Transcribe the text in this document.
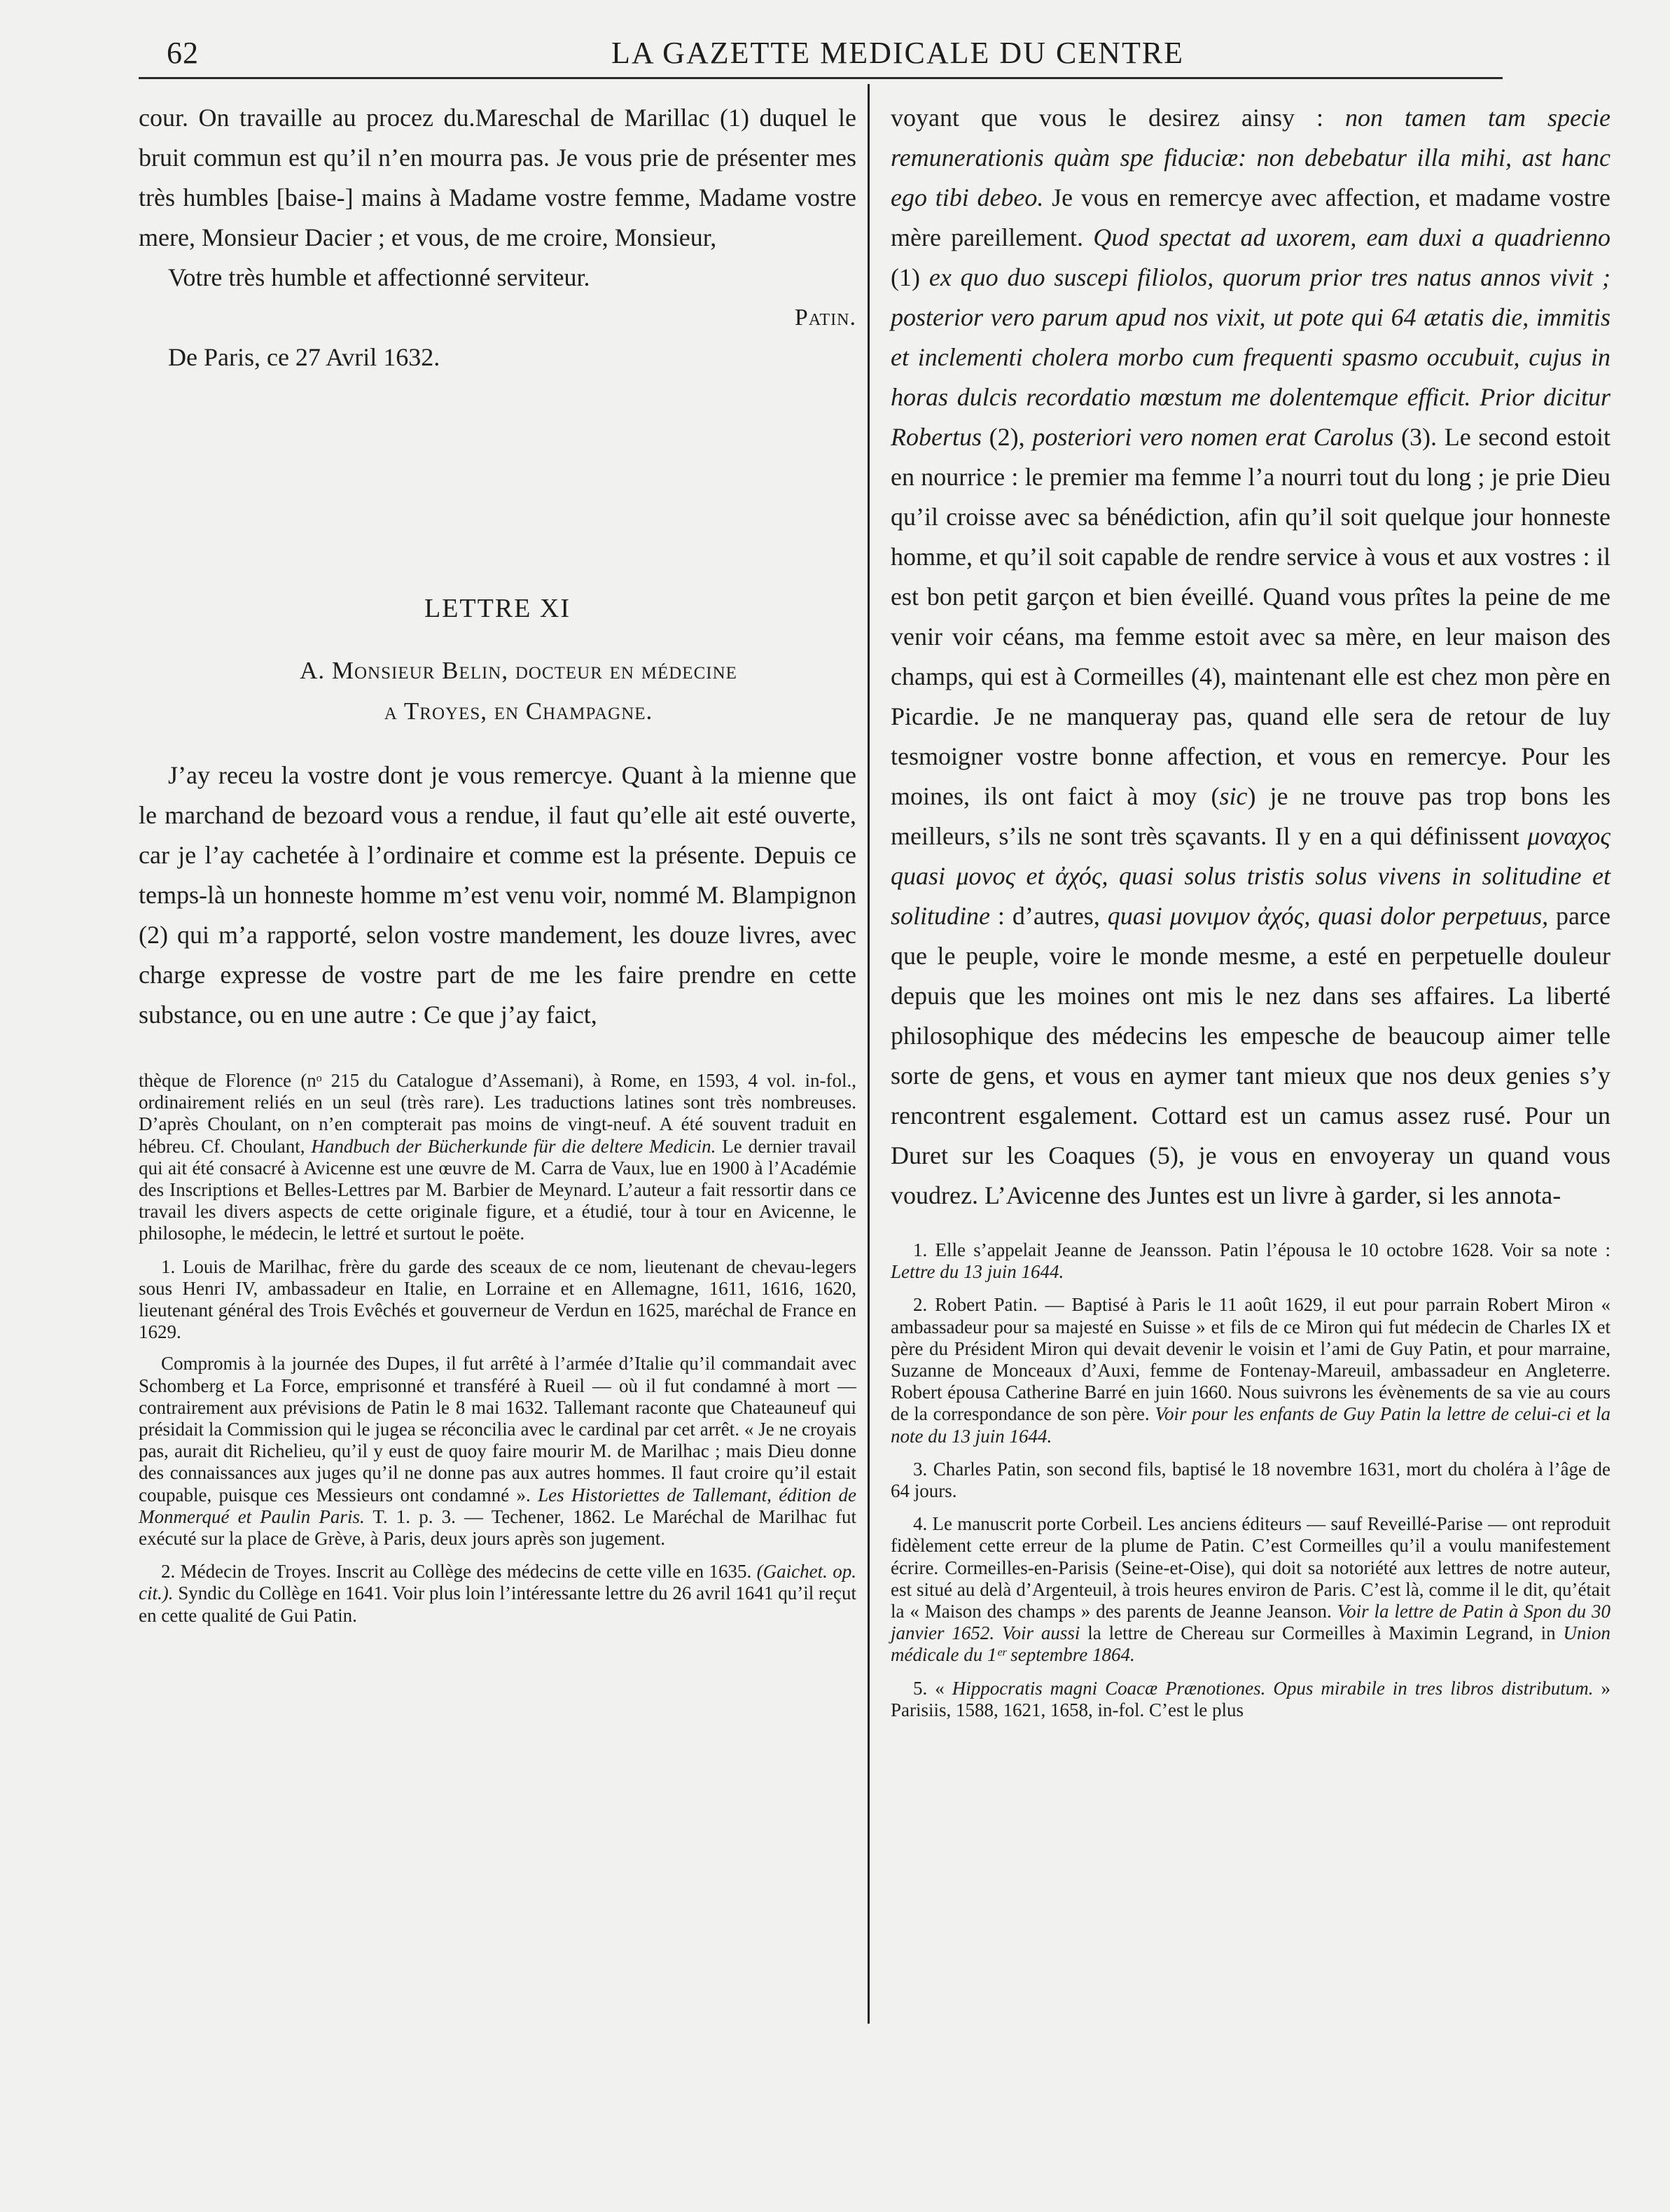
62	LA GAZETTE MEDICALE DU CENTRE

cour. On travaille au procez du.Mareschal de Marillac (1) duquel le bruit commun est qu’il n’en mourra pas. Je vous prie de présenter mes très humbles [baise-] mains à Madame vostre femme, Madame vostre mere, Monsieur Dacier ; et vous, de me croire, Monsieur,

Votre très humble et affectionné serviteur.

Patin.

De Paris, ce 27 Avril 1632.

LETTRE XI
A. Monsieur Belin, docteur en médecine
a Troyes, en Champagne.

J’ay receu la vostre dont je vous remercye. Quant à la mienne que le marchand de bezoard vous a rendue, il faut qu’elle ait esté ouverte, car je l’ay cachetée à l’ordinaire et comme est la présente. Depuis ce temps-là un honneste homme m’est venu voir, nommé M. Blampignon (2) qui m’a rapporté, selon vostre mandement, les douze livres, avec charge expresse de vostre part de me les faire prendre en cette substance, ou en une autre : Ce que j’ay faict,

thèque de Florence (nᵒ 215 du Catalogue d’Assemani), à Rome, en 1593, 4 vol. in-fol., ordinairement reliés en un seul (très rare). Les traductions latines sont très nombreuses. D’après Choulant, on n’en compterait pas moins de vingt-neuf. A été souvent traduit en hébreu. Cf. Choulant, Handbuch der Bücherkunde für die deltere Medicin. Le dernier travail qui ait été consacré à Avicenne est une œuvre de M. Carra de Vaux, lue en 1900 à l’Académie des Inscriptions et Belles-Lettres par M. Barbier de Meynard. L’auteur a fait ressortir dans ce travail les divers aspects de cette originale figure, et a étudié, tour à tour en Avicenne, le philosophe, le médecin, le lettré et surtout le poëte.

1. Louis de Marilhac, frère du garde des sceaux de ce nom, lieutenant de chevau-legers sous Henri IV, ambassadeur en Italie, en Lorraine et en Allemagne, 1611, 1616, 1620, lieutenant général des Trois Evêchés et gouverneur de Verdun en 1625, maréchal de France en 1629.

Compromis à la journée des Dupes, il fut arrêté à l’armée d’Italie qu’il commandait avec Schomberg et La Force, emprisonné et transféré à Rueil — où il fut condamné à mort — contrairement aux prévisions de Patin le 8 mai 1632. Tallemant raconte que Chateauneuf qui présidait la Commission qui le jugea se réconcilia avec le cardinal par cet arrêt. « Je ne croyais pas, aurait dit Richelieu, qu’il y eust de quoy faire mourir M. de Marilhac ; mais Dieu donne des connaissances aux juges qu’il ne donne pas aux autres hommes. Il faut croire qu’il estait coupable, puisque ces Messieurs ont condamné ». Les Historiettes de Tallemant, édition de Monmerqué et Paulin Paris. T. 1. p. 3. — Techener, 1862. Le Maréchal de Marilhac fut exécuté sur la place de Grève, à Paris, deux jours après son jugement.

2. Médecin de Troyes. Inscrit au Collège des médecins de cette ville en 1635. (Gaichet. op. cit.). Syndic du Collège en 1641. Voir plus loin l’intéressante lettre du 26 avril 1641 qu’il reçut en cette qualité de Gui Patin.

voyant que vous le desirez ainsy : non tamen tam specie remunerationis quàm spe fiduciæ: non debebatur illa mihi, ast hanc ego tibi debeo. Je vous en remercye avec affection, et madame vostre mère pareillement. Quod spectat ad uxorem, eam duxi a quadrienno (1) ex quo duo suscepi filiolos, quorum prior tres natus annos vivit ; posterior vero parum apud nos vixit, ut pote qui 64 ætatis die, immitis et inclementi cholera morbo cum frequenti spasmo occubuit, cujus in horas dulcis recordatio mœstum me dolentemque efficit. Prior dicitur Robertus (2), posteriori vero nomen erat Carolus (3). Le second estoit en nourrice : le premier ma femme l’a nourri tout du long ; je prie Dieu qu’il croisse avec sa bénédiction, afin qu’il soit quelque jour honneste homme, et qu’il soit capable de rendre service à vous et aux vostres : il est bon petit garçon et bien éveillé. Quand vous prîtes la peine de me venir voir céans, ma femme estoit avec sa mère, en leur maison des champs, qui est à Cormeilles (4), maintenant elle est chez mon père en Picardie. Je ne manqueray pas, quand elle sera de retour de luy tesmoigner vostre bonne affection, et vous en remercye. Pour les moines, ils ont faict à moy (sic) je ne trouve pas trop bons les meilleurs, s’ils ne sont très sçavants. Il y en a qui définissent μοναχος quasi μονος et ἀχός, quasi solus tristis solus vivens in solitudine et solitudine : d’autres, quasi μονιμον ἀχός, quasi dolor perpetuus, parce que le peuple, voire le monde mesme, a esté en perpetuelle douleur depuis que les moines ont mis le nez dans ses affaires. La liberté philosophique des médecins les empesche de beaucoup aimer telle sorte de gens, et vous en aymer tant mieux que nos deux genies s’y rencontrent esgalement. Cottard est un camus assez rusé. Pour un Duret sur les Coaques (5), je vous en envoyeray un quand vous voudrez. L’Avicenne des Juntes est un livre à garder, si les annota-

1. Elle s’appelait Jeanne de Jeansson. Patin l’épousa le 10 octobre 1628. Voir sa note : Lettre du 13 juin 1644.

2. Robert Patin. — Baptisé à Paris le 11 août 1629, il eut pour parrain Robert Miron « ambassadeur pour sa majesté en Suisse » et fils de ce Miron qui fut médecin de Charles IX et père du Président Miron qui devait devenir le voisin et l’ami de Guy Patin, et pour marraine, Suzanne de Monceaux d’Auxi, femme de Fontenay-Mareuil, ambassadeur en Angleterre. Robert épousa Catherine Barré en juin 1660. Nous suivrons les évènements de sa vie au cours de la correspondance de son père. Voir pour les enfants de Guy Patin la lettre de celui-ci et la note du 13 juin 1644.

3. Charles Patin, son second fils, baptisé le 18 novembre 1631, mort du choléra à l’âge de 64 jours.

4. Le manuscrit porte Corbeil. Les anciens éditeurs — sauf Reveillé-Parise — ont reproduit fidèlement cette erreur de la plume de Patin. C’est Cormeilles qu’il a voulu manifestement écrire. Cormeilles-en-Parisis (Seine-et-Oise), qui doit sa notoriété aux lettres de notre auteur, est situé au delà d’Argenteuil, à trois heures environ de Paris. C’est là, comme il le dit, qu’était la « Maison des champs » des parents de Jeanne Jeanson. Voir la lettre de Patin à Spon du 30 janvier 1652. Voir aussi la lettre de Chereau sur Cormeilles à Maximin Legrand, in Union médicale du 1ᵉʳ septembre 1864.

5. « Hippocratis magni Coacæ Prænotiones. Opus mirabile in tres libros distributum. » Parisiis, 1588, 1621, 1658, in-fol. C’est le plus
